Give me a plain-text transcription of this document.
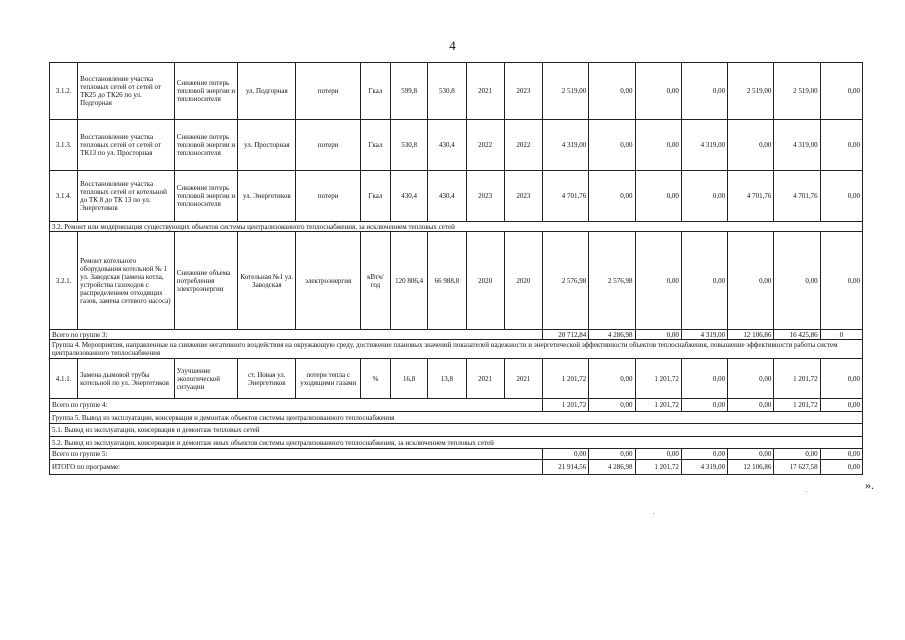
4
3.1.2.	Восстановление участка тепловых сетей от сетей от ТК25 до ТК26 по ул. Подгорная	Снижение потерь тепловой энергии и теплоносителя	ул. Подгорная	потери	Гкал	599,8	530,8	2021	2023	2 519,00	0,00	0,00	0,00	2 519,00	2 519,00	0,00
3.1.3.	Восстановление участка тепловых сетей от сетей от ТК13 по ул. Просторная	Снижение потерь тепловой энергии и теплоносителя	ул. Просторная	потери	Гкал	530,8	430,4	2022	2022	4 319,00	0,00	0,00	4 319,00	0,00	4 319,00	0,00
3.1.4.	Восстановление участка тепловых сетей от котельной до ТК 8 до ТК 13 по ул. Энергетиков	Снижение потерь тепловой энергии и теплоносителя	ул. Энергетиков	потери	Гкал	430,4	430,4	2023	2023	4 701,76	0,00	0,00	0,00	4 701,76	4 701,76	0,00
3.2. Ремонт или модернизация существующих объектов системы централизованного теплоснабжения, за исключением тепловых сетей																
3.2.1.	Ремонт котельного оборудования котельной № 1 ул. Заводская (замена котла, устройства газоходов с распределением отходящих газов, замена сетевого насоса)	Снижение объема потребления электроэнергии	Котельная №1 ул. Заводская	электроэнергия	кВтч/ год	120 806,4	66 988,8	2020	2020	2 576,98	2 576,98	0,00	0,00	0,00	0,00	0,00
Всего по группе 3:										20 712,84	4 286,98	0,00	4 319,00	12 106,86	16 425,86	0
Группа 4. Мероприятия, направленные на снижение негативного воздействия на окружающую среду, достижение плановых значений показателей надежности и энергетической эффективности объектов теплоснабжения, повышение эффективности работы систем централизованного теплоснабжения																
4.1.1.	Замена дымовой трубы котельной по ул. Энергетиков	Улучшение экологической ситуации	ст. Новая ул. Энергетиков	потери тепла с уходящими газами	%	16,8	13,8	2021	2021	1 201,72	0,00	1 201,72	0,00	0,00	1 201,72	0,00
Всего по группе 4:										1 201,72	0,00	1 201,72	0,00	0,00	1 201,72	0,00
Группа 5. Вывод из эксплуатации, консервация и демонтаж объектов системы централизованного теплоснабжения																
5.1. Вывод из эксплуатации, консервация и демонтаж тепловых сетей																
5.2. Вывод из эксплуатации, консервация и демонтаж иных объектов системы централизованного теплоснабжения, за исключением тепловых сетей																
Всего по группе 5:										0,00	0,00	0,00	0,00	0,00	0,00	0,00
ИТОГО по программе:										21 914,56	4 286,98	1 201,72	4 319,00	12 106,86	17 627,58	0,00
».
